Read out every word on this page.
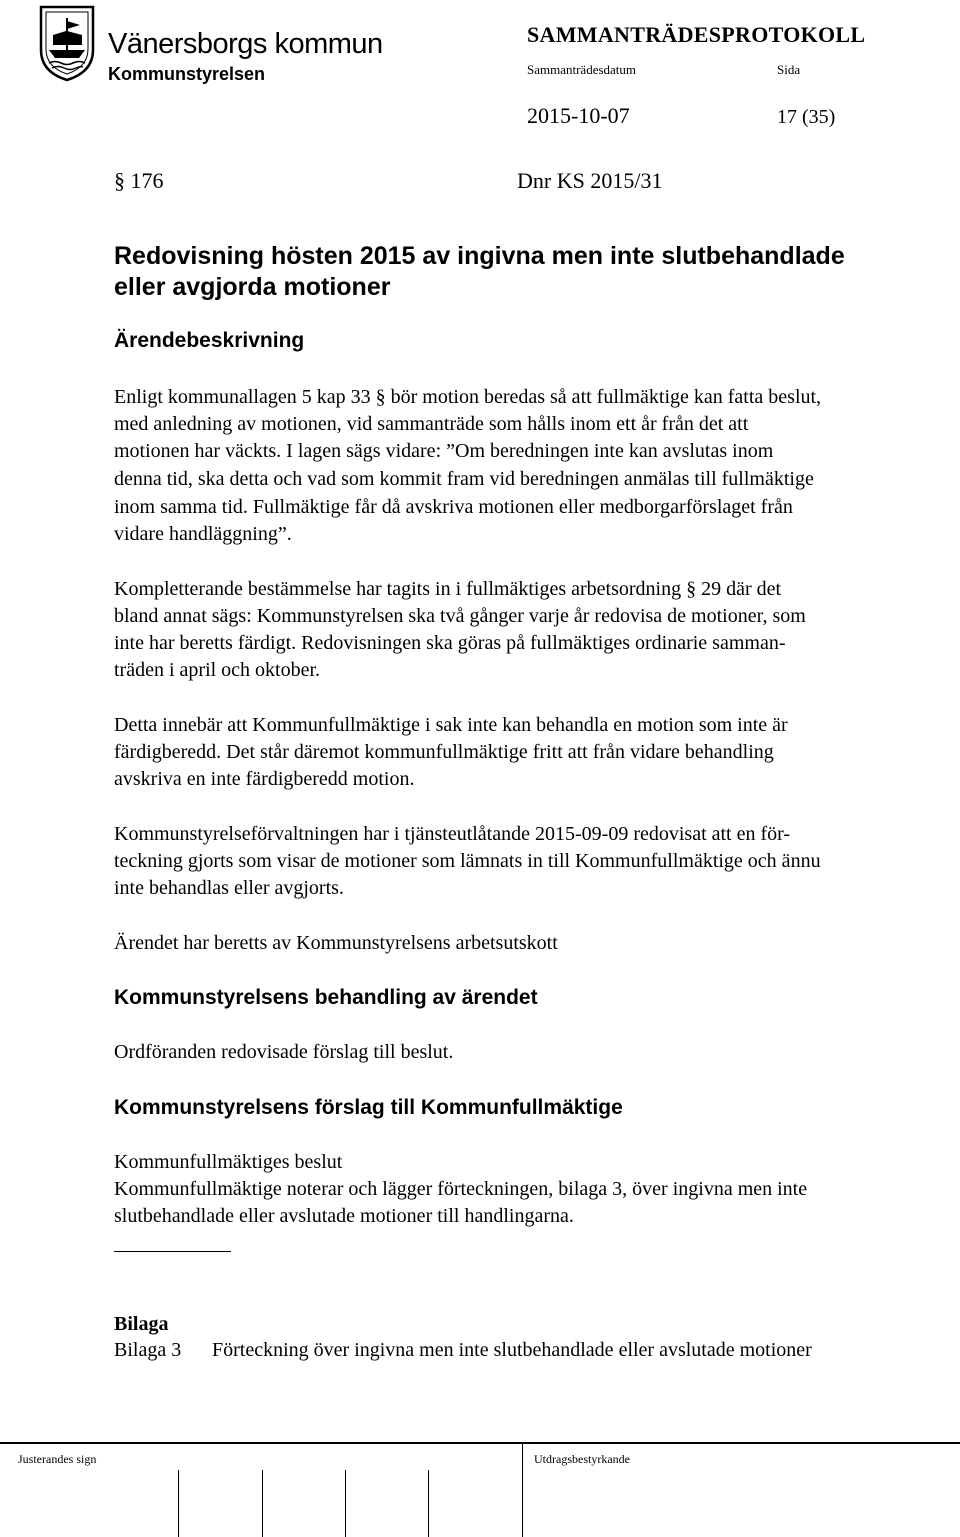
Vänersborgs kommun
Kommunstyrelsen
SAMMANTRÄDESPROTOKOLL
Sammanträdesdatum	Sida
2015-10-07	17 (35)
§ 176	Dnr KS 2015/31
Redovisning hösten 2015 av ingivna men inte slutbehandlade
eller avgjorda motioner
Ärendebeskrivning
Enligt kommunallagen 5 kap 33 § bör motion beredas så att fullmäktige kan fatta beslut,
med anledning av motionen, vid sammanträde som hålls inom ett år från det att
motionen har väckts. I lagen sägs vidare: ”Om beredningen inte kan avslutas inom
denna tid, ska detta och vad som kommit fram vid beredningen anmälas till fullmäktige
inom samma tid. Fullmäktige får då avskriva motionen eller medborgarförslaget från
vidare handläggning”.
Kompletterande bestämmelse har tagits in i fullmäktiges arbetsordning § 29 där det
bland annat sägs: Kommunstyrelsen ska två gånger varje år redovisa de motioner, som
inte har beretts färdigt. Redovisningen ska göras på fullmäktiges ordinarie samman-
träden i april och oktober.
Detta innebär att Kommunfullmäktige i sak inte kan behandla en motion som inte är
färdigberedd. Det står däremot kommunfullmäktige fritt att från vidare behandling
avskriva en inte färdigberedd motion.
Kommunstyrelseförvaltningen har i tjänsteutlåtande 2015-09-09 redovisat att en för-
teckning gjorts som visar de motioner som lämnats in till Kommunfullmäktige och ännu
inte behandlas eller avgjorts.
Ärendet har beretts av Kommunstyrelsens arbetsutskott
Kommunstyrelsens behandling av ärendet
Ordföranden redovisade förslag till beslut.
Kommunstyrelsens förslag till Kommunfullmäktige
Kommunfullmäktiges beslut
Kommunfullmäktige noterar och lägger förteckningen, bilaga 3, över ingivna men inte
slutbehandlade eller avslutade motioner till handlingarna.
Bilaga
Bilaga 3 Förteckning över ingivna men inte slutbehandlade eller avslutade motioner
Justerandes sign	Utdragsbestyrkande
